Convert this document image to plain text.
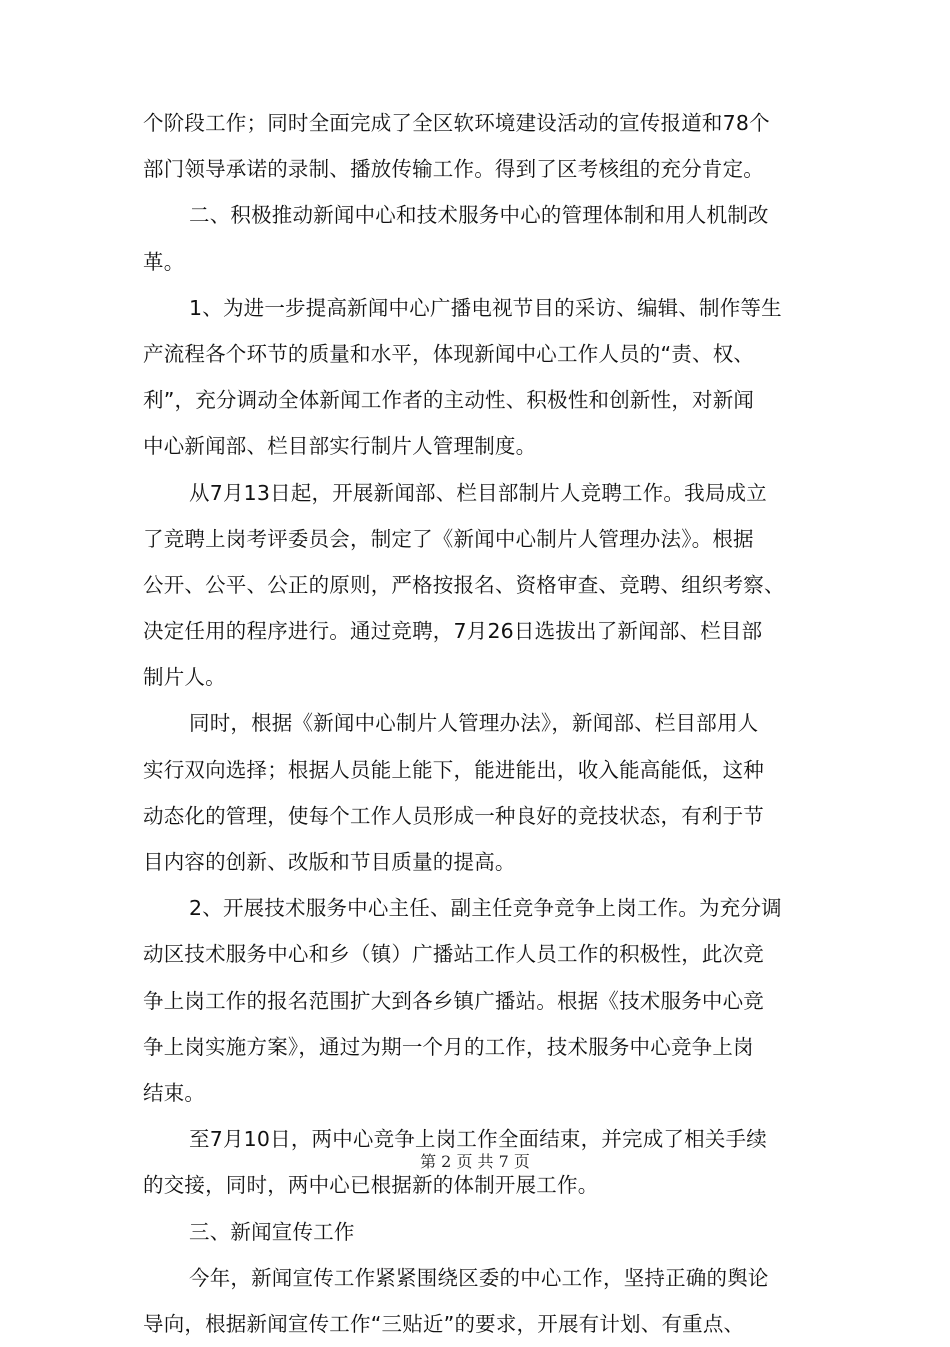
个阶段工作；同时全面完成了全区软环境建设活动的宣传报道和78个
部门领导承诺的录制、播放传输工作。得到了区考核组的充分肯定。
二、积极推动新闻中心和技术服务中心的管理体制和用人机制改
革。
1、为进一步提高新闻中心广播电视节目的采访、编辑、制作等生
产流程各个环节的质量和水平，体现新闻中心工作人员的“责、权、
利”，充分调动全体新闻工作者的主动性、积极性和创新性，对新闻
中心新闻部、栏目部实行制片人管理制度。
从7月13日起，开展新闻部、栏目部制片人竞聘工作。我局成立
了竞聘上岗考评委员会，制定了《新闻中心制片人管理办法》。根据
公开、公平、公正的原则，严格按报名、资格审查、竞聘、组织考察、
决定任用的程序进行。通过竞聘，7月26日选拔出了新闻部、栏目部
制片人。
同时，根据《新闻中心制片人管理办法》，新闻部、栏目部用人
实行双向选择；根据人员能上能下，能进能出，收入能高能低，这种
动态化的管理，使每个工作人员形成一种良好的竞技状态，有利于节
目内容的创新、改版和节目质量的提高。
2、开展技术服务中心主任、副主任竞争竞争上岗工作。为充分调
动区技术服务中心和乡（镇）广播站工作人员工作的积极性，此次竞
争上岗工作的报名范围扩大到各乡镇广播站。根据《技术服务中心竞
争上岗实施方案》，通过为期一个月的工作，技术服务中心竞争上岗
结束。
至7月10日，两中心竞争上岗工作全面结束，并完成了相关手续
的交接，同时，两中心已根据新的体制开展工作。
三、新闻宣传工作
今年，新闻宣传工作紧紧围绕区委的中心工作，坚持正确的舆论
导向，根据新闻宣传工作“三贴近”的要求，开展有计划、有重点、
第 2 页 共 7 页
